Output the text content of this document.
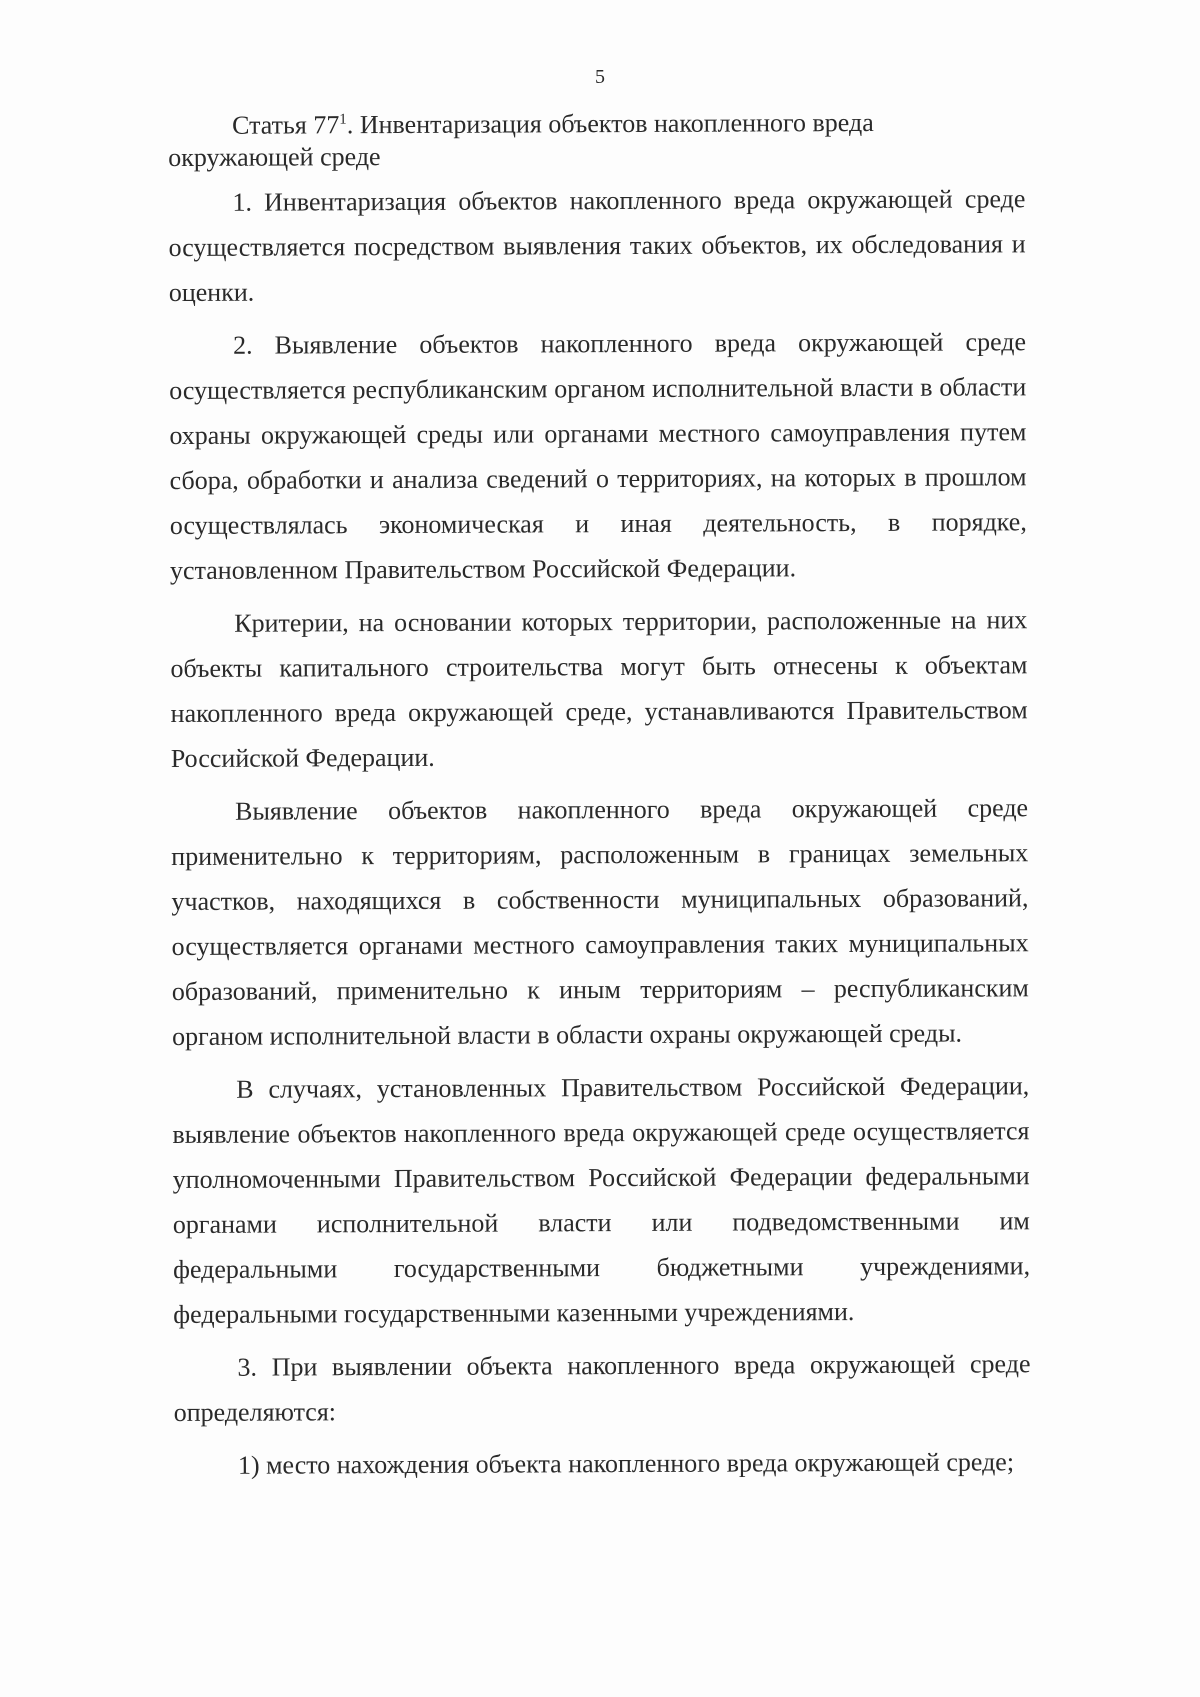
5
Статья $77^1$. Инвентаризация объектов накопленного вреда окружающей среде

1. Инвентаризация объектов накопленного вреда окружающей среде осуществляется посредством выявления таких объектов, их обследования и оценки.

2. Выявление объектов накопленного вреда окружающей среде осуществляется республиканским органом исполнительной власти в области охраны окружающей среды или органами местного самоуправления путем сбора, обработки и анализа сведений о территориях, на которых в прошлом осуществлялась экономическая и иная деятельность, в порядке, установленном Правительством Российской Федерации.

Критерии, на основании которых территории, расположенные на них объекты капитального строительства могут быть отнесены к объектам накопленного вреда окружающей среде, устанавливаются Правительством Российской Федерации.

Выявление объектов накопленного вреда окружающей среде применительно к территориям, расположенным в границах земельных участков, находящихся в собственности муниципальных образований, осуществляется органами местного самоуправления таких муниципальных образований, применительно к иным территориям – республиканским органом исполнительной власти в области охраны окружающей среды.

В случаях, установленных Правительством Российской Федерации, выявление объектов накопленного вреда окружающей среде осуществляется уполномоченными Правительством Российской Федерации федеральными органами исполнительной власти или подведомственными им федеральными государственными бюджетными учреждениями, федеральными государственными казенными учреждениями.

3. При выявлении объекта накопленного вреда окружающей среде определяются:

1) место нахождения объекта накопленного вреда окружающей среде;
